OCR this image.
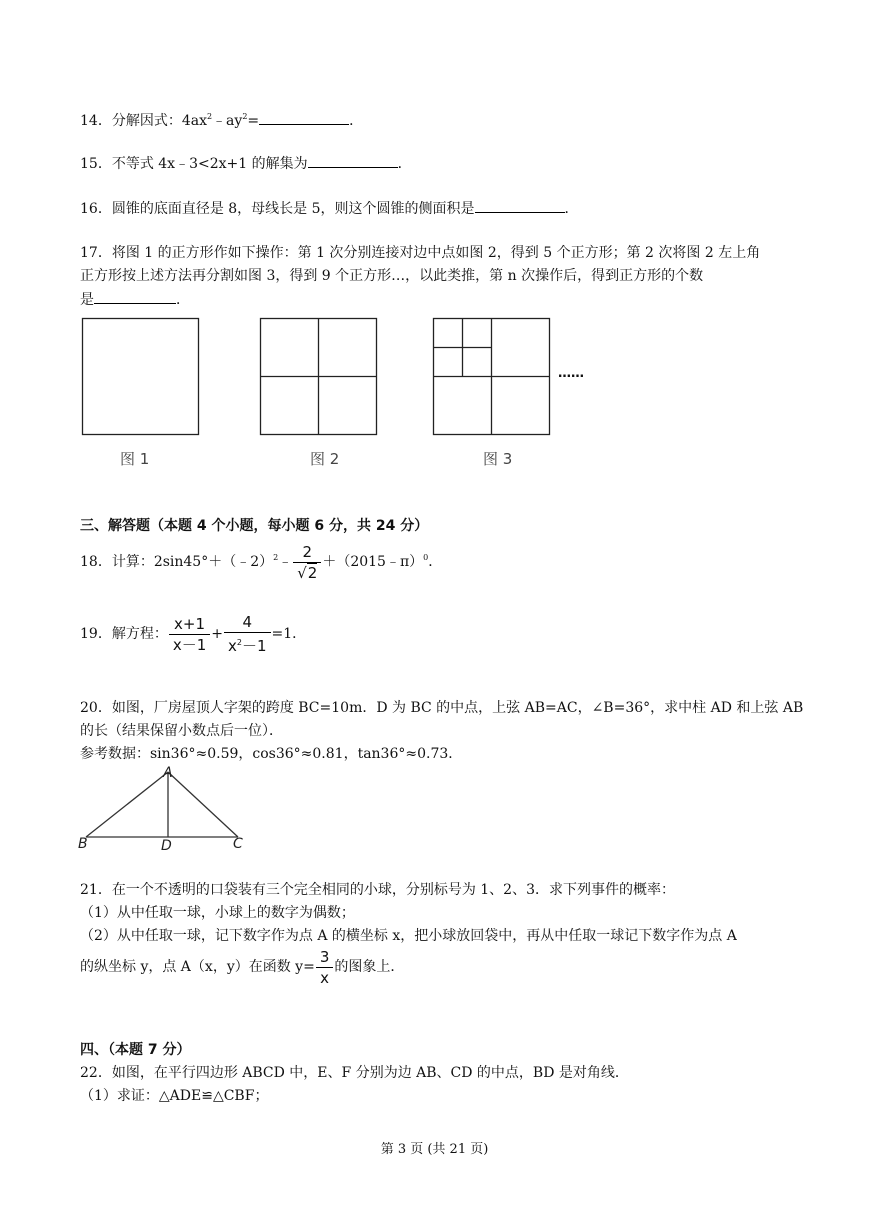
14．分解因式：$4ax^2﹣ay^2=$	．
15．不等式 4x﹣3<2x+1 的解集为	．
16．圆锥的底面直径是 8，母线长是 5，则这个圆锥的侧面积是	．
17．将图 1 的正方形作如下操作：第 1 次分别连接对边中点如图 2，得到 5 个正方形；第 2 次将图 2 左上角
正方形按上述方法再分割如图 3，得到 9 个正方形…，以此类推，第 n 次操作后，得到正方形的个数
是	．
图 1	图 2	图 3
……
三、解答题（本题 4 个小题，每小题 6 分，共 24 分）
18．计算：2sin45°＋（﹣2）$^2$﹣ $\frac{2}{√2}$ ＋（2015﹣π）$^0$．
19．解方程： $\frac{x+1}{x-1} + \frac{4}{x^2-1} =1$．
20．如图，厂房屋顶人字架的跨度 BC=10m．D 为 BC 的中点，上弦 AB=AC，∠B=36°，求中柱 AD 和上弦 AB
的长（结果保留小数点后一位）．
参考数据：sin36°≈0.59，cos36°≈0.81，tan36°≈0.73．
A
B	D	C
21．在一个不透明的口袋装有三个完全相同的小球，分别标号为 1、2、3．求下列事件的概率：
（1）从中任取一球，小球上的数字为偶数；
（2）从中任取一球，记下数字作为点 A 的横坐标 x，把小球放回袋中，再从中任取一球记下数字作为点 A
的纵坐标 y，点 A（x，y）在函数 $y= \frac{3}{x}$ 的图象上．
四、（本题 7 分）
22．如图，在平行四边形 ABCD 中，E、F 分别为边 AB、CD 的中点，BD 是对角线．
（1）求证：△ADE≌△CBF；
第 3 页 (共 21 页)
